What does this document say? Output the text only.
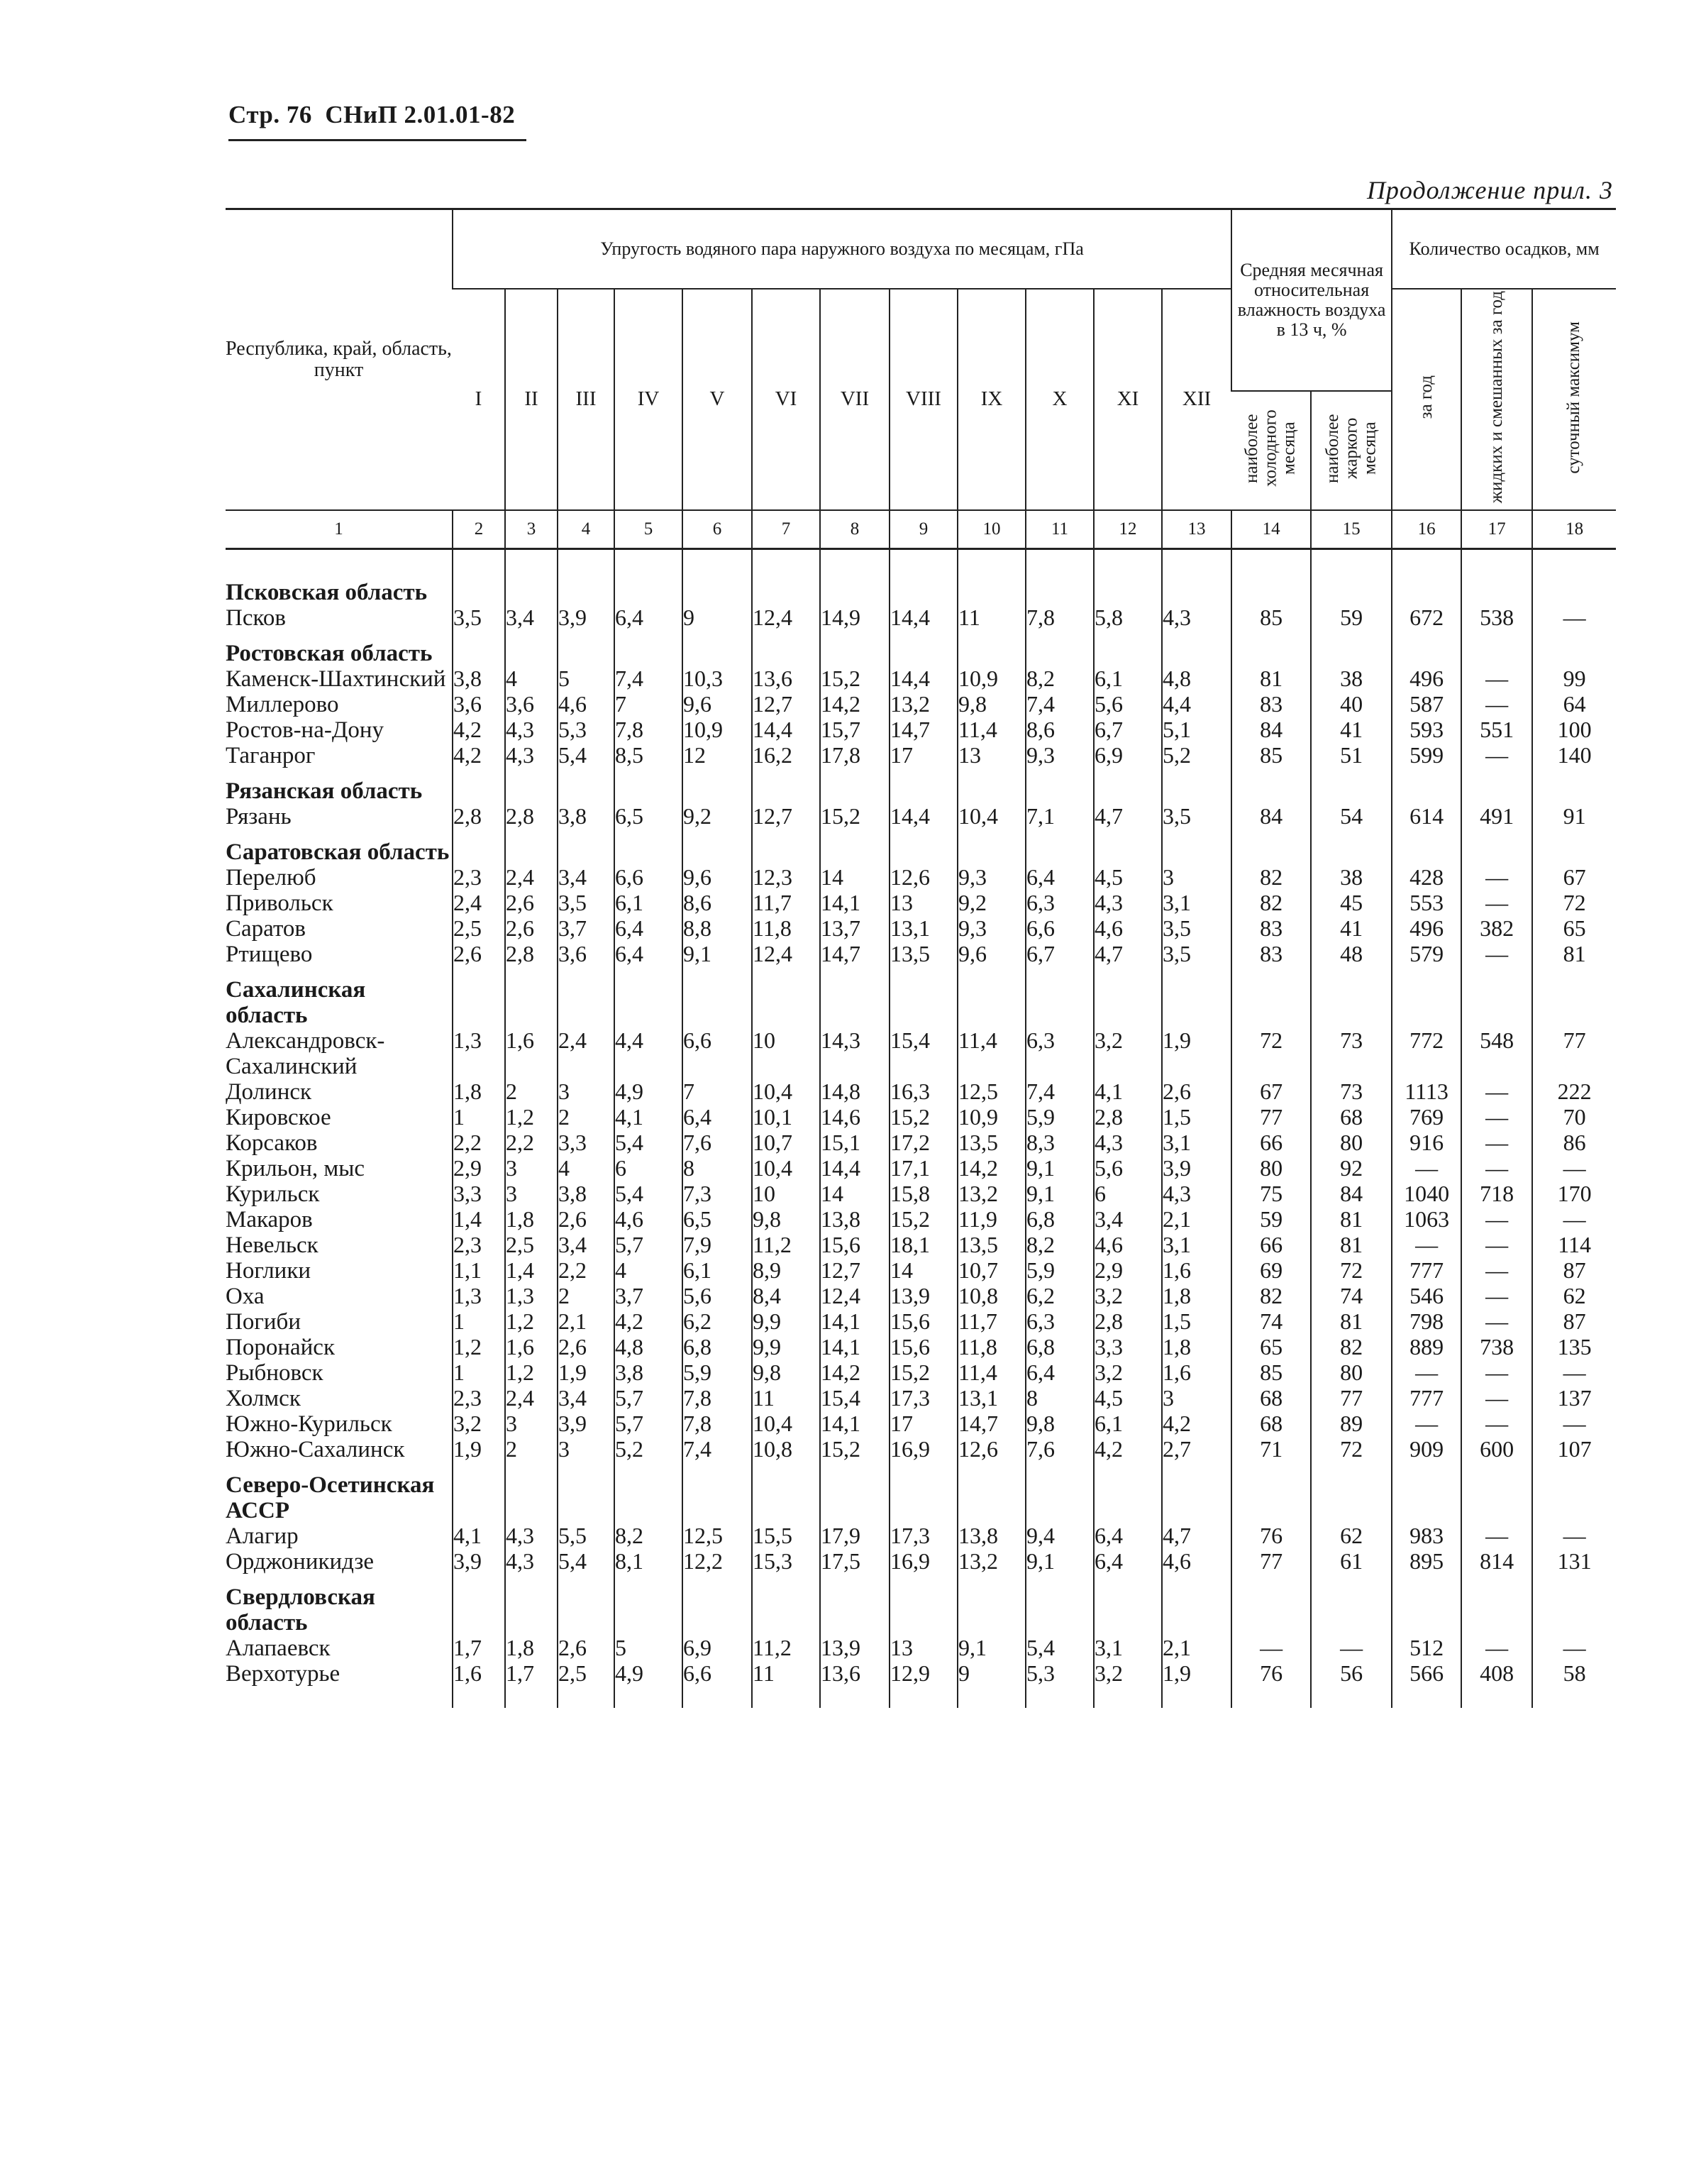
Стр. 76 СНиП 2.01.01-82
Продолжение прил. 3
Республика, край, область, пункт	Упругость водяного пара наружного воздуха по месяцам, гПа												Средняя месячная относительная влажность воздуха в 13 ч, %		Количество осадков, мм		
	I	II	III	IV	V	VI	VII	VIII	IX	X	XI	XII			за год	жидких и смешанных за год	суточный максимум
													наиболее холодного месяца	наиболее жаркого месяца			
1	2	3	4	5	6	7	8	9	10	11	12	13	14	15	16	17	18

Псковская область																	
Псков	3,5	3,4	3,9	6,4	9	12,4	14,9	14,4	11	7,8	5,8	4,3	85	59	672	538	—
Ростовская область																	
Каменск-Шахтинский	3,8	4	5	7,4	10,3	13,6	15,2	14,4	10,9	8,2	6,1	4,8	81	38	496	—	99
Миллерово	3,6	3,6	4,6	7	9,6	12,7	14,2	13,2	9,8	7,4	5,6	4,4	83	40	587	—	64
Ростов-на-Дону	4,2	4,3	5,3	7,8	10,9	14,4	15,7	14,7	11,4	8,6	6,7	5,1	84	41	593	551	100
Таганрог	4,2	4,3	5,4	8,5	12	16,2	17,8	17	13	9,3	6,9	5,2	85	51	599	—	140
Рязанская область																	
Рязань	2,8	2,8	3,8	6,5	9,2	12,7	15,2	14,4	10,4	7,1	4,7	3,5	84	54	614	491	91
Саратовская область																	
Перелюб	2,3	2,4	3,4	6,6	9,6	12,3	14	12,6	9,3	6,4	4,5	3	82	38	428	—	67
Привольск	2,4	2,6	3,5	6,1	8,6	11,7	14,1	13	9,2	6,3	4,3	3,1	82	45	553	—	72
Саратов	2,5	2,6	3,7	6,4	8,8	11,8	13,7	13,1	9,3	6,6	4,6	3,5	83	41	496	382	65
Ртищево	2,6	2,8	3,6	6,4	9,1	12,4	14,7	13,5	9,6	6,7	4,7	3,5	83	48	579	—	81
Сахалинская область																	
Александровск-Сахалинский	1,3	1,6	2,4	4,4	6,6	10	14,3	15,4	11,4	6,3	3,2	1,9	72	73	772	548	77
Долинск	1,8	2	3	4,9	7	10,4	14,8	16,3	12,5	7,4	4,1	2,6	67	73	1113	—	222
Кировское	1	1,2	2	4,1	6,4	10,1	14,6	15,2	10,9	5,9	2,8	1,5	77	68	769	—	70
Корсаков	2,2	2,2	3,3	5,4	7,6	10,7	15,1	17,2	13,5	8,3	4,3	3,1	66	80	916	—	86
Крильон, мыс	2,9	3	4	6	8	10,4	14,4	17,1	14,2	9,1	5,6	3,9	80	92	—	—	—
Курильск	3,3	3	3,8	5,4	7,3	10	14	15,8	13,2	9,1	6	4,3	75	84	1040	718	170
Макаров	1,4	1,8	2,6	4,6	6,5	9,8	13,8	15,2	11,9	6,8	3,4	2,1	59	81	1063	—	—
Невельск	2,3	2,5	3,4	5,7	7,9	11,2	15,6	18,1	13,5	8,2	4,6	3,1	66	81	—	—	114
Ноглики	1,1	1,4	2,2	4	6,1	8,9	12,7	14	10,7	5,9	2,9	1,6	69	72	777	—	87
Оха	1,3	1,3	2	3,7	5,6	8,4	12,4	13,9	10,8	6,2	3,2	1,8	82	74	546	—	62
Погиби	1	1,2	2,1	4,2	6,2	9,9	14,1	15,6	11,7	6,3	2,8	1,5	74	81	798	—	87
Поронайск	1,2	1,6	2,6	4,8	6,8	9,9	14,1	15,6	11,8	6,8	3,3	1,8	65	82	889	738	135
Рыбновск	1	1,2	1,9	3,8	5,9	9,8	14,2	15,2	11,4	6,4	3,2	1,6	85	80	—	—	—
Холмск	2,3	2,4	3,4	5,7	7,8	11	15,4	17,3	13,1	8	4,5	3	68	77	777	—	137
Южно-Курильск	3,2	3	3,9	5,7	7,8	10,4	14,1	17	14,7	9,8	6,1	4,2	68	89	—	—	—
Южно-Сахалинск	1,9	2	3	5,2	7,4	10,8	15,2	16,9	12,6	7,6	4,2	2,7	71	72	909	600	107
Северо-Осетинская АССР																	
Алагир	4,1	4,3	5,5	8,2	12,5	15,5	17,9	17,3	13,8	9,4	6,4	4,7	76	62	983	—	—
Орджоникидзе	3,9	4,3	5,4	8,1	12,2	15,3	17,5	16,9	13,2	9,1	6,4	4,6	77	61	895	814	131
Свердловская область																	
Алапаевск	1,7	1,8	2,6	5	6,9	11,2	13,9	13	9,1	5,4	3,1	2,1	—	—	512	—	—
Верхотурье	1,6	1,7	2,5	4,9	6,6	11	13,6	12,9	9	5,3	3,2	1,9	76	56	566	408	58
